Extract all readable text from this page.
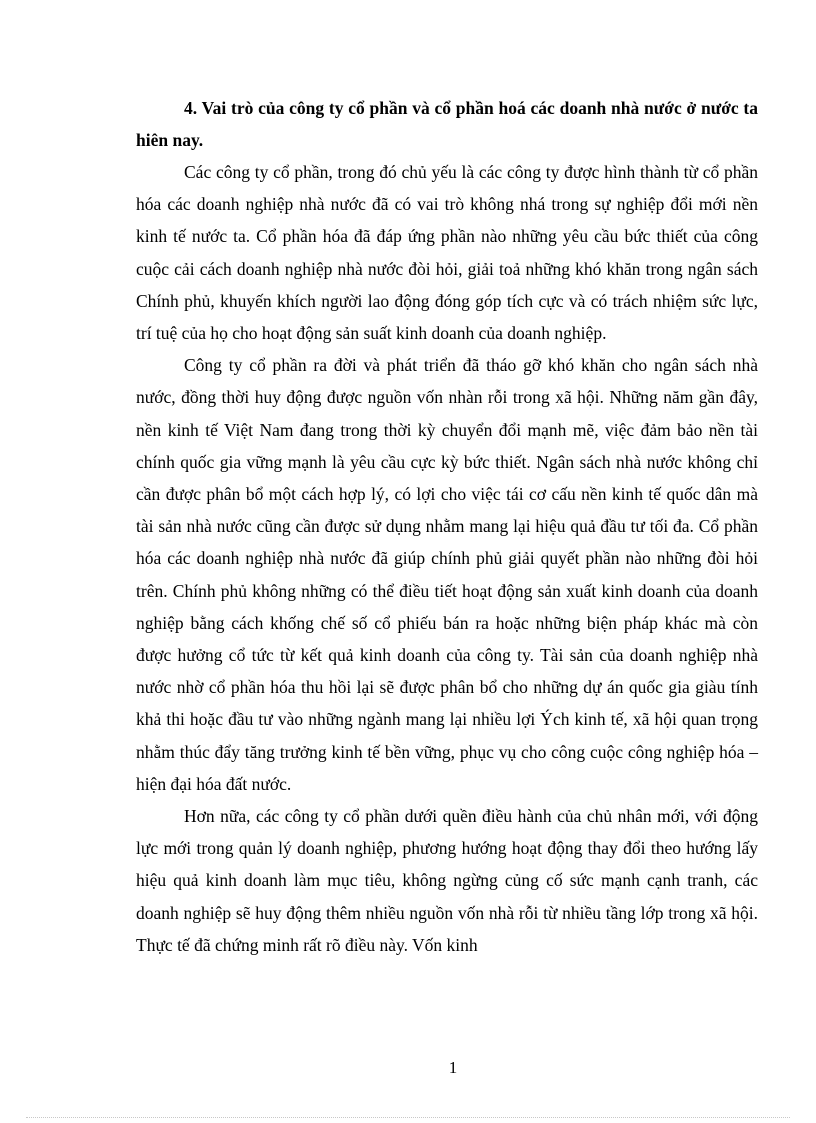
4. Vai trò của công ty cổ phần và cổ phần hoá các doanh nhà nước ở nước ta hiên nay.

Các công ty cổ phần, trong đó chủ yếu là các công ty được hình thành từ cổ phần hóa các doanh nghiệp nhà nước đã có vai trò không nhá trong sự nghiệp đổi mới nền kinh tế nước ta. Cổ phần hóa đã đáp ứng phần nào những yêu cầu bức thiết của công cuộc cải cách doanh nghiệp nhà nước đòi hỏi, giải toả những khó khăn trong ngân sách Chính phủ, khuyến khích người lao động đóng góp tích cực và có trách nhiệm sức lực, trí tuệ của họ cho hoạt động sản suất kinh doanh của doanh nghiệp.

Công ty cổ phần ra đời và phát triển đã tháo gỡ khó khăn cho ngân sách nhà nước, đồng thời huy động được nguồn vốn nhàn rỗi trong xã hội. Những năm gần đây, nền kinh tế Việt Nam đang trong thời kỳ chuyển đổi mạnh mẽ, việc đảm bảo nền tài chính quốc gia vững mạnh là yêu cầu cực kỳ bức thiết. Ngân sách nhà nước không chỉ cần được phân bổ một cách hợp lý, có lợi cho việc tái cơ cấu nền kinh tế quốc dân mà tài sản nhà nước cũng cần được sử dụng nhằm mang lại hiệu quả đầu tư tối đa. Cổ phần hóa các doanh nghiệp nhà nước đã giúp chính phủ giải quyết phần nào những đòi hỏi trên. Chính phủ không những có thể điều tiết hoạt động sản xuất kinh doanh của doanh nghiệp bằng cách khống chế số cổ phiếu bán ra hoặc những biện pháp khác mà còn được hưởng cổ tức từ kết quả kinh doanh của công ty. Tài sản của doanh nghiệp nhà nước nhờ cổ phần hóa thu hồi lại sẽ được phân bổ cho những dự án quốc gia giàu tính khả thi hoặc đầu tư vào những ngành mang lại nhiều lợi Ých kinh tế, xã hội quan trọng nhằm thúc đẩy tăng trưởng kinh tế bền vững, phục vụ cho công cuộc công nghiệp hóa – hiện đại hóa đất nước.

Hơn nữa, các công ty cổ phần dưới quền điều hành của chủ nhân mới, với động lực mới trong quản lý doanh nghiệp, phương hướng hoạt động thay đổi theo hướng lấy hiệu quả kinh doanh làm mục tiêu, không ngừng củng cố sức mạnh cạnh tranh, các doanh nghiệp sẽ huy động thêm nhiều nguồn vốn nhà rỗi từ nhiều tầng lớp trong xã hội. Thực tế đã chứng minh rất rõ điều này. Vốn kinh

1
